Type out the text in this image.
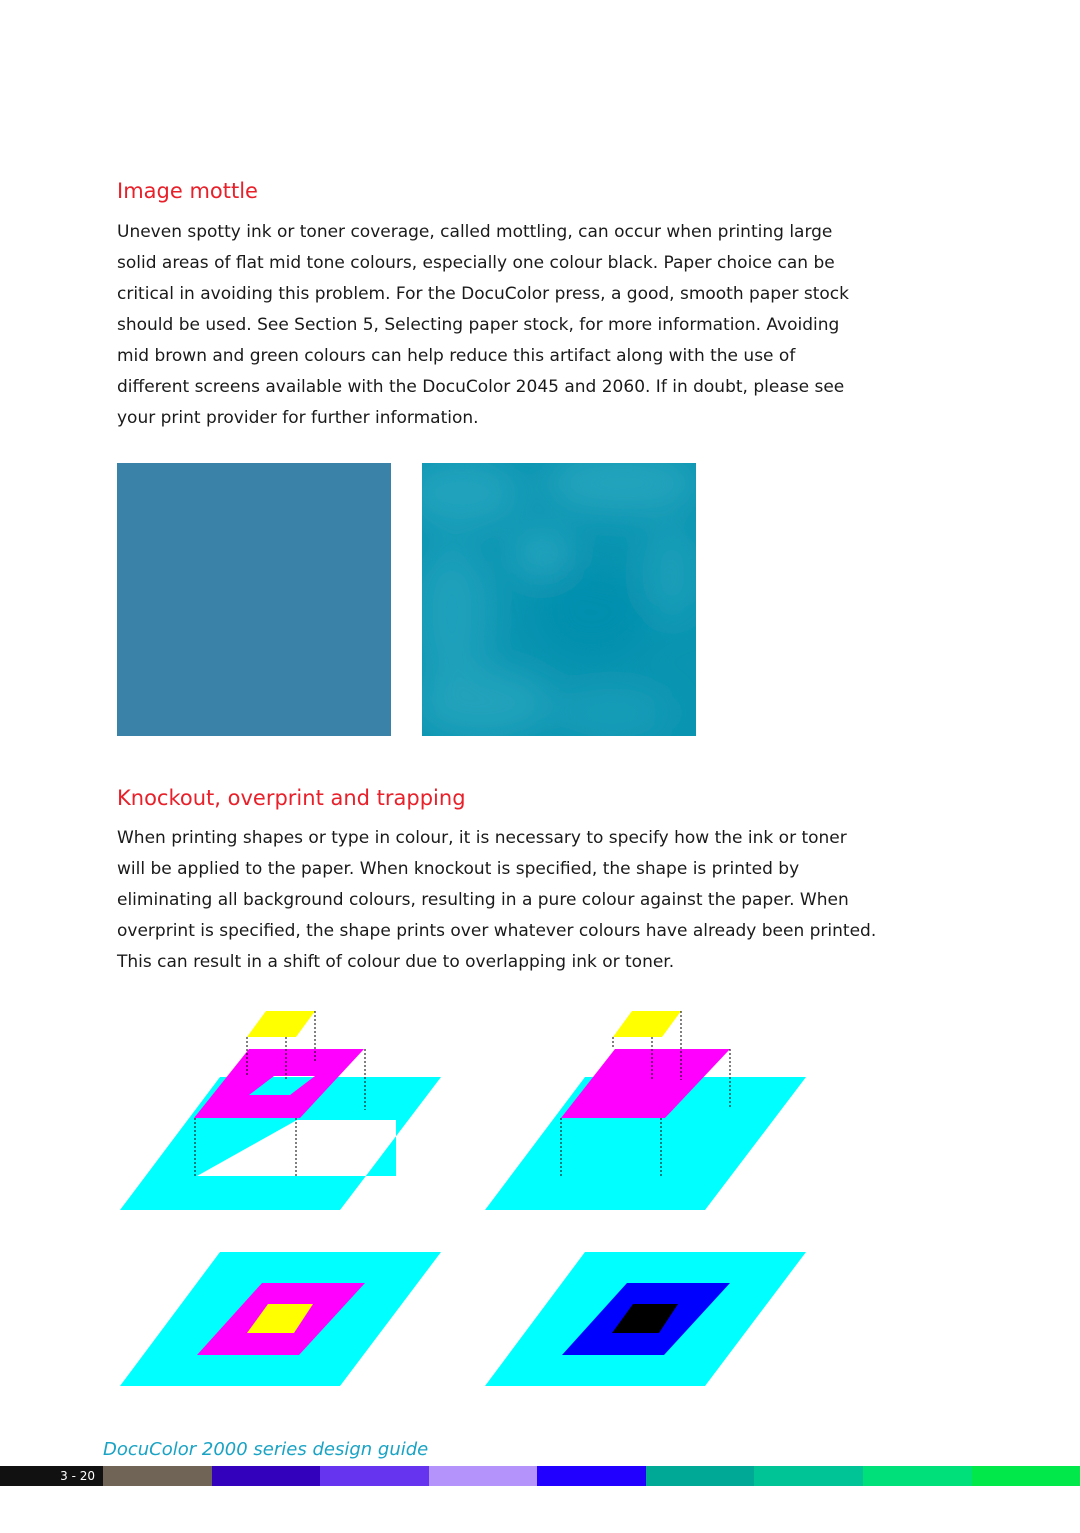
Image mottle

Uneven spotty ink or toner coverage, called mottling, can occur when printing large
solid areas of flat mid tone colours, especially one colour black. Paper choice can be
critical in avoiding this problem. For the DocuColor press, a good, smooth paper stock
should be used. See Section 5, Selecting paper stock, for more information. Avoiding
mid brown and green colours can help reduce this artifact along with the use of
different screens available with the DocuColor 2045 and 2060. If in doubt, please see
your print provider for further information.

Knockout, overprint and trapping

When printing shapes or type in colour, it is necessary to specify how the ink or toner
will be applied to the paper. When knockout is specified, the shape is printed by
eliminating all background colours, resulting in a pure colour against the paper. When
overprint is specified, the shape prints over whatever colours have already been printed.
This can result in a shift of colour due to overlapping ink or toner.

DocuColor 2000 series design guide

3 - 20
